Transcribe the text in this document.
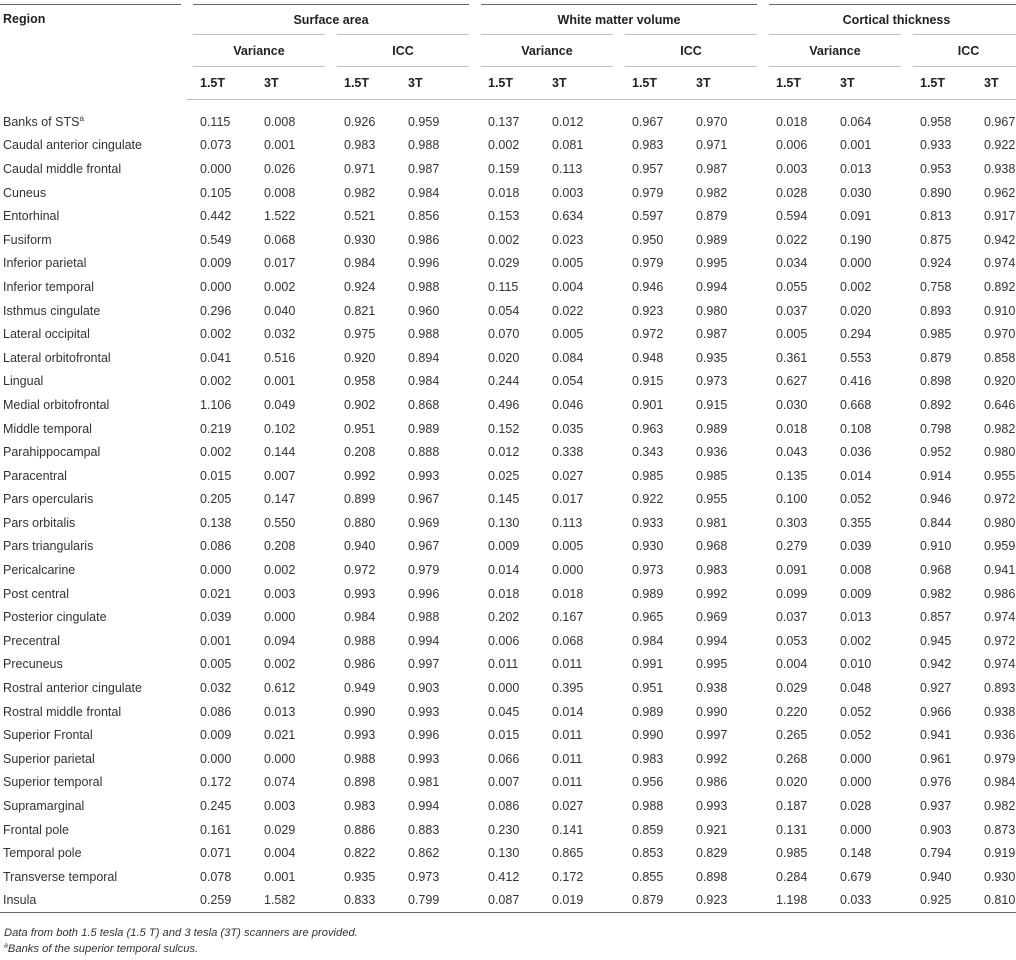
Region	Surface area				White matter volume				Cortical thickness			
	Variance		ICC		Variance		ICC		Variance		ICC	
	1.5T	3T	1.5T	3T	1.5T	3T	1.5T	3T	1.5T	3T	1.5T	3T
Banks of STS$^a$	0.115	0.008	0.926	0.959	0.137	0.012	0.967	0.970	0.018	0.064	0.958	0.967
Caudal anterior cingulate	0.073	0.001	0.983	0.988	0.002	0.081	0.983	0.971	0.006	0.001	0.933	0.922
Caudal middle frontal	0.000	0.026	0.971	0.987	0.159	0.113	0.957	0.987	0.003	0.013	0.953	0.938
Cuneus	0.105	0.008	0.982	0.984	0.018	0.003	0.979	0.982	0.028	0.030	0.890	0.962
Entorhinal	0.442	1.522	0.521	0.856	0.153	0.634	0.597	0.879	0.594	0.091	0.813	0.917
Fusiform	0.549	0.068	0.930	0.986	0.002	0.023	0.950	0.989	0.022	0.190	0.875	0.942
Inferior parietal	0.009	0.017	0.984	0.996	0.029	0.005	0.979	0.995	0.034	0.000	0.924	0.974
Inferior temporal	0.000	0.002	0.924	0.988	0.115	0.004	0.946	0.994	0.055	0.002	0.758	0.892
Isthmus cingulate	0.296	0.040	0.821	0.960	0.054	0.022	0.923	0.980	0.037	0.020	0.893	0.910
Lateral occipital	0.002	0.032	0.975	0.988	0.070	0.005	0.972	0.987	0.005	0.294	0.985	0.970
Lateral orbitofrontal	0.041	0.516	0.920	0.894	0.020	0.084	0.948	0.935	0.361	0.553	0.879	0.858
Lingual	0.002	0.001	0.958	0.984	0.244	0.054	0.915	0.973	0.627	0.416	0.898	0.920
Medial orbitofrontal	1.106	0.049	0.902	0.868	0.496	0.046	0.901	0.915	0.030	0.668	0.892	0.646
Middle temporal	0.219	0.102	0.951	0.989	0.152	0.035	0.963	0.989	0.018	0.108	0.798	0.982
Parahippocampal	0.002	0.144	0.208	0.888	0.012	0.338	0.343	0.936	0.043	0.036	0.952	0.980
Paracentral	0.015	0.007	0.992	0.993	0.025	0.027	0.985	0.985	0.135	0.014	0.914	0.955
Pars opercularis	0.205	0.147	0.899	0.967	0.145	0.017	0.922	0.955	0.100	0.052	0.946	0.972
Pars orbitalis	0.138	0.550	0.880	0.969	0.130	0.113	0.933	0.981	0.303	0.355	0.844	0.980
Pars triangularis	0.086	0.208	0.940	0.967	0.009	0.005	0.930	0.968	0.279	0.039	0.910	0.959
Pericalcarine	0.000	0.002	0.972	0.979	0.014	0.000	0.973	0.983	0.091	0.008	0.968	0.941
Post central	0.021	0.003	0.993	0.996	0.018	0.018	0.989	0.992	0.099	0.009	0.982	0.986
Posterior cingulate	0.039	0.000	0.984	0.988	0.202	0.167	0.965	0.969	0.037	0.013	0.857	0.974
Precentral	0.001	0.094	0.988	0.994	0.006	0.068	0.984	0.994	0.053	0.002	0.945	0.972
Precuneus	0.005	0.002	0.986	0.997	0.011	0.011	0.991	0.995	0.004	0.010	0.942	0.974
Rostral anterior cingulate	0.032	0.612	0.949	0.903	0.000	0.395	0.951	0.938	0.029	0.048	0.927	0.893
Rostral middle frontal	0.086	0.013	0.990	0.993	0.045	0.014	0.989	0.990	0.220	0.052	0.966	0.938
Superior Frontal	0.009	0.021	0.993	0.996	0.015	0.011	0.990	0.997	0.265	0.052	0.941	0.936
Superior parietal	0.000	0.000	0.988	0.993	0.066	0.011	0.983	0.992	0.268	0.000	0.961	0.979
Superior temporal	0.172	0.074	0.898	0.981	0.007	0.011	0.956	0.986	0.020	0.000	0.976	0.984
Supramarginal	0.245	0.003	0.983	0.994	0.086	0.027	0.988	0.993	0.187	0.028	0.937	0.982
Frontal pole	0.161	0.029	0.886	0.883	0.230	0.141	0.859	0.921	0.131	0.000	0.903	0.873
Temporal pole	0.071	0.004	0.822	0.862	0.130	0.865	0.853	0.829	0.985	0.148	0.794	0.919
Transverse temporal	0.078	0.001	0.935	0.973	0.412	0.172	0.855	0.898	0.284	0.679	0.940	0.930
Insula	0.259	1.582	0.833	0.799	0.087	0.019	0.879	0.923	1.198	0.033	0.925	0.810
Data from both 1.5 tesla (1.5 T) and 3 tesla (3T) scanners are provided.
$^a$Banks of the superior temporal sulcus.
